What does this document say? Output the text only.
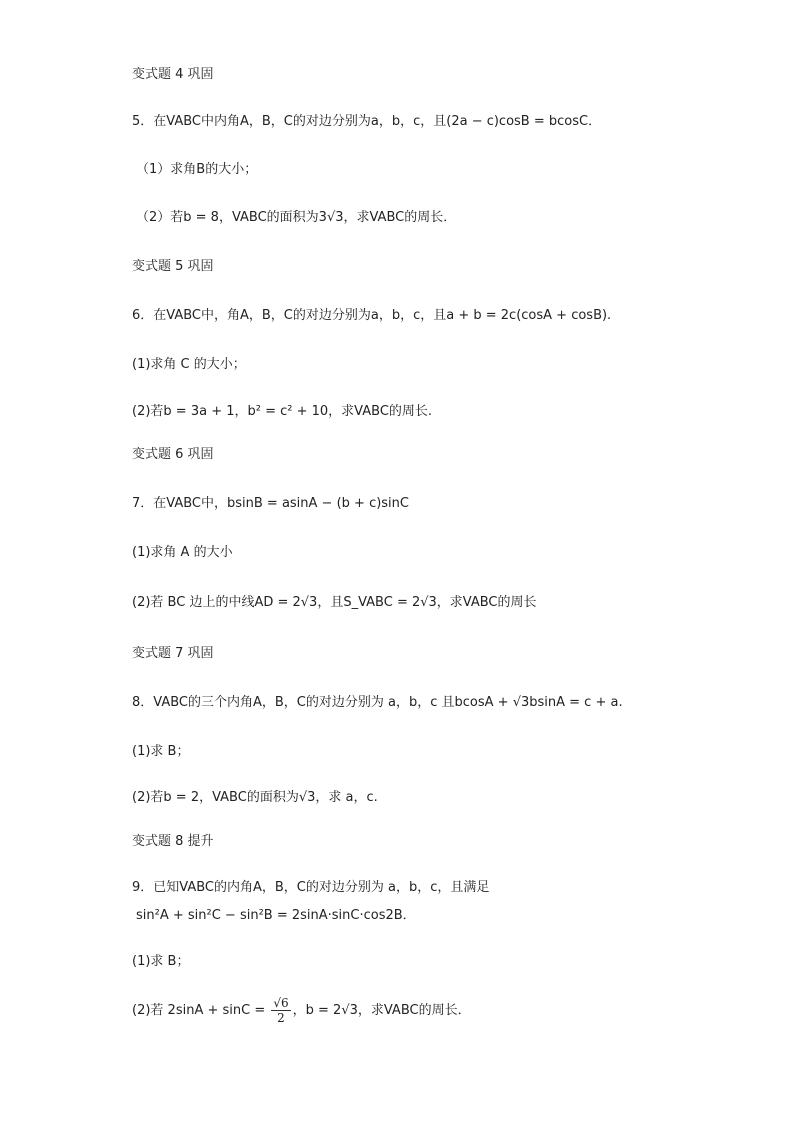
变式题 4 巩固
5．在VABC中内角A，B，C的对边分别为a，b，c，且(2a − c)cosB = bcosC．
（1）求角B的大小；
（2）若b = 8，VABC的面积为3√3，求VABC的周长．
变式题 5 巩固
6．在VABC中，角A，B，C的对边分别为a，b，c，且a + b = 2c(cosA + cosB).
(1)求角 C 的大小；
(2)若b = 3a + 1，b² = c² + 10，求VABC的周长.
变式题 6 巩固
7．在VABC中，bsinB = asinA − (b + c)sinC
(1)求角 A 的大小
(2)若 BC 边上的中线AD = 2√3，且S_VABC = 2√3，求VABC的周长
变式题 7 巩固
8．VABC的三个内角A，B，C的对边分别为 a，b，c 且bcosA + √3bsinA = c + a.
(1)求 B；
(2)若b = 2，VABC的面积为√3，求 a，c.
变式题 8 提升
9．已知VABC的内角A，B，C的对边分别为 a，b，c，且满足
sin²A + sin²C − sin²B = 2sinA·sinC·cos2B．
(1)求 B；
(2)若 $2\sin A + \sin C = \frac{√6}{2}$ ，b = 2√3，求VABC的周长．
